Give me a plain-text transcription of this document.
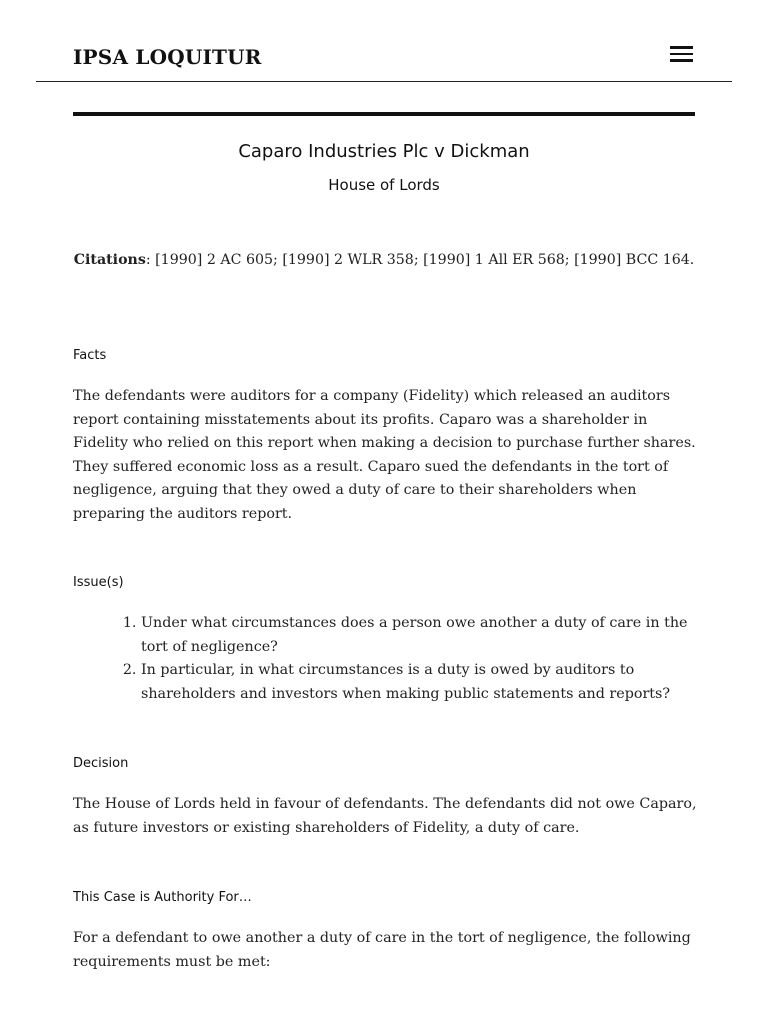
IPSA LOQUITUR
Caparo Industries Plc v Dickman
House of Lords
Citations: [1990] 2 AC 605; [1990] 2 WLR 358; [1990] 1 All ER 568; [1990] BCC 164.
Facts
The defendants were auditors for a company (Fidelity) which released an auditors report containing misstatements about its profits. Caparo was a shareholder in Fidelity who relied on this report when making a decision to purchase further shares. They suffered economic loss as a result. Caparo sued the defendants in the tort of negligence, arguing that they owed a duty of care to their shareholders when preparing the auditors report.
Issue(s)
1. Under what circumstances does a person owe another a duty of care in the tort of negligence?
2. In particular, in what circumstances is a duty is owed by auditors to shareholders and investors when making public statements and reports?
Decision
The House of Lords held in favour of defendants. The defendants did not owe Caparo, as future investors or existing shareholders of Fidelity, a duty of care.
This Case is Authority For…
For a defendant to owe another a duty of care in the tort of negligence, the following requirements must be met:
